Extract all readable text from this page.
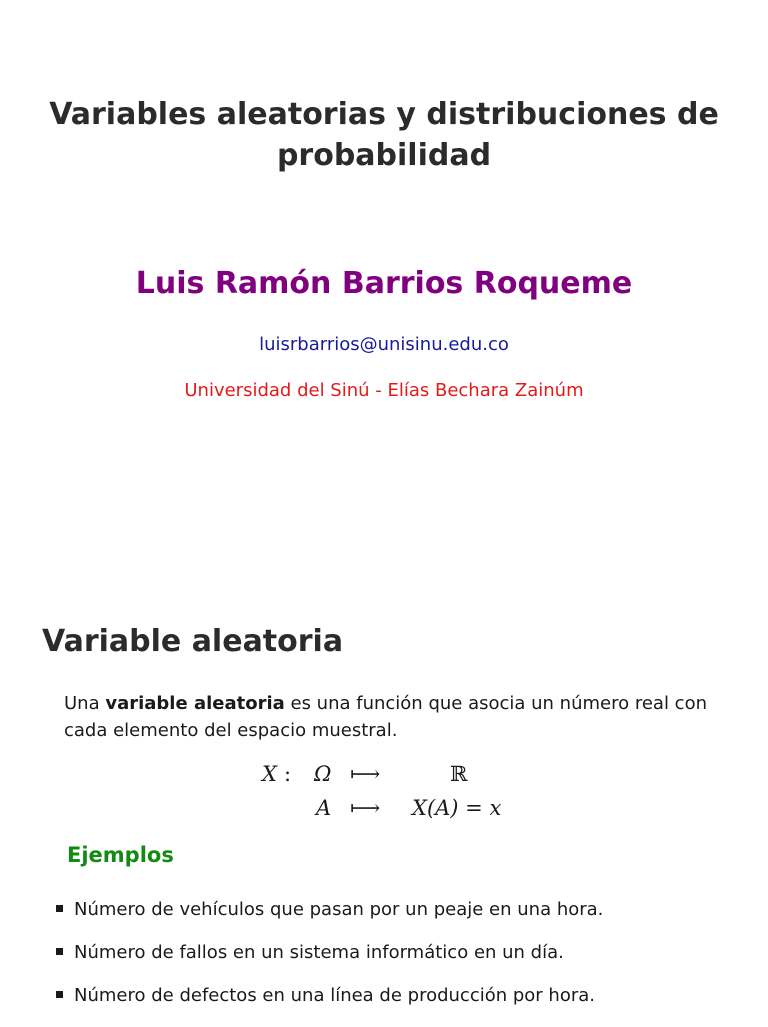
Variables aleatorias y distribuciones de
probabilidad
Luis Ramón Barrios Roqueme
luisrbarrios@unisinu.edu.co
Universidad del Sinú - Elías Bechara Zainúm
Variable aleatoria
Una variable aleatoria es una función que asocia un número real con cada elemento del espacio muestral.
X : Ω ⟼	ℝ
A ⟼ X(A) = x
Ejemplos
Número de vehículos que pasan por un peaje en una hora.
Número de fallos en un sistema informático en un día.
Número de defectos en una línea de producción por hora.
